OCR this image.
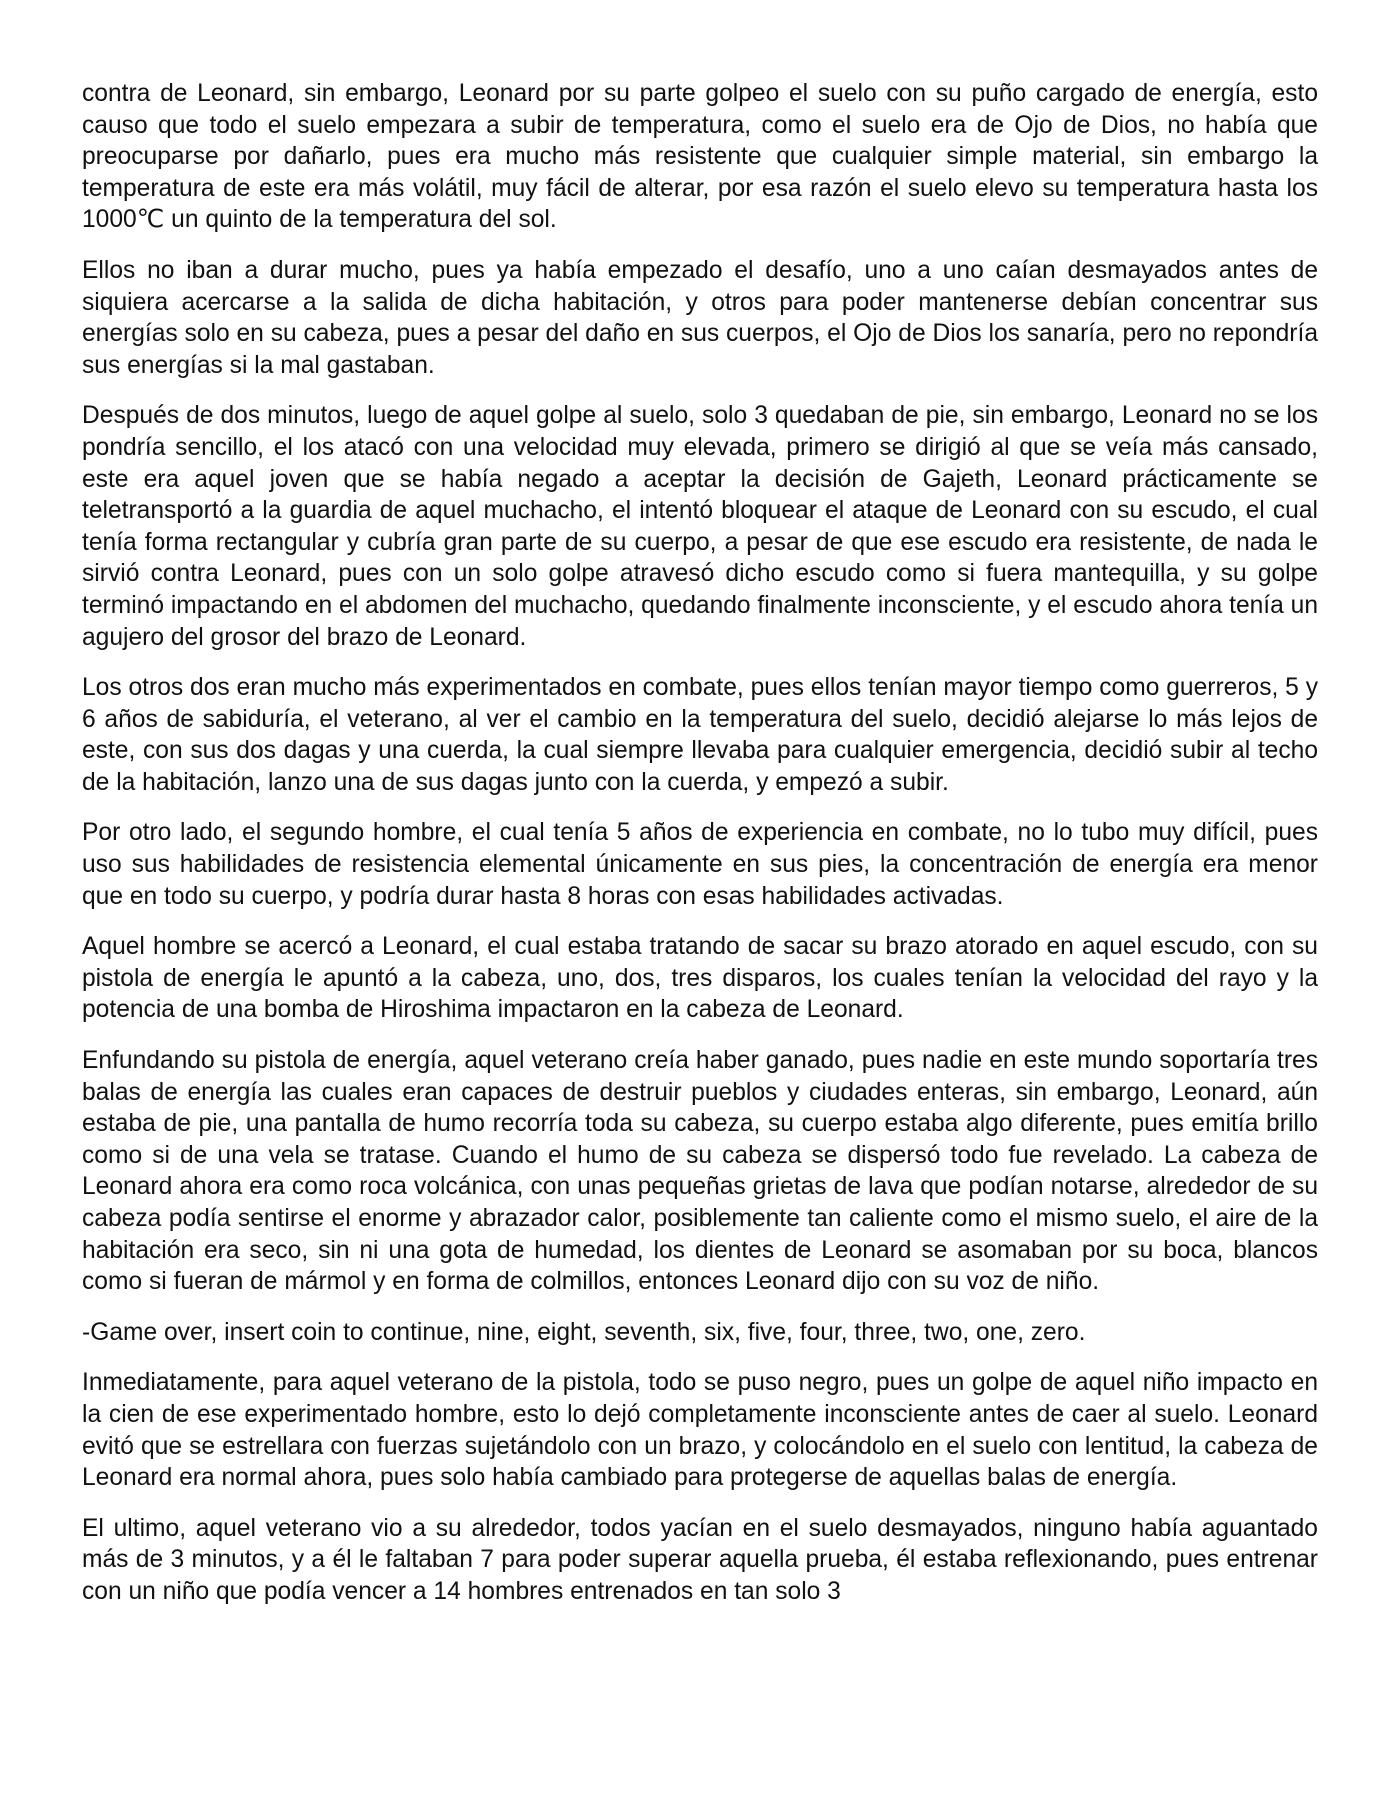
contra de Leonard, sin embargo, Leonard por su parte golpeo el suelo con su puño cargado de energía, esto causo que todo el suelo empezara a subir de temperatura, como el suelo era de Ojo de Dios, no había que preocuparse por dañarlo, pues era mucho más resistente que cualquier simple material, sin embargo la temperatura de este era más volátil, muy fácil de alterar, por esa razón el suelo elevo su temperatura hasta los 1000℃ un quinto de la temperatura del sol.

Ellos no iban a durar mucho, pues ya había empezado el desafío, uno a uno caían desmayados antes de siquiera acercarse a la salida de dicha habitación, y otros para poder mantenerse debían concentrar sus energías solo en su cabeza, pues a pesar del daño en sus cuerpos, el Ojo de Dios los sanaría, pero no repondría sus energías si la mal gastaban.

Después de dos minutos, luego de aquel golpe al suelo, solo 3 quedaban de pie, sin embargo, Leonard no se los pondría sencillo, el los atacó con una velocidad muy elevada, primero se dirigió al que se veía más cansado, este era aquel joven que se había negado a aceptar la decisión de Gajeth, Leonard prácticamente se teletransportó a la guardia de aquel muchacho, el intentó bloquear el ataque de Leonard con su escudo, el cual tenía forma rectangular y cubría gran parte de su cuerpo, a pesar de que ese escudo era resistente, de nada le sirvió contra Leonard, pues con un solo golpe atravesó dicho escudo como si fuera mantequilla, y su golpe terminó impactando en el abdomen del muchacho, quedando finalmente inconsciente, y el escudo ahora tenía un agujero del grosor del brazo de Leonard.

Los otros dos eran mucho más experimentados en combate, pues ellos tenían mayor tiempo como guerreros, 5 y 6 años de sabiduría, el veterano, al ver el cambio en la temperatura del suelo, decidió alejarse lo más lejos de este, con sus dos dagas y una cuerda, la cual siempre llevaba para cualquier emergencia, decidió subir al techo de la habitación, lanzo una de sus dagas junto con la cuerda, y empezó a subir.

Por otro lado, el segundo hombre, el cual tenía 5 años de experiencia en combate, no lo tubo muy difícil, pues uso sus habilidades de resistencia elemental únicamente en sus pies, la concentración de energía era menor que en todo su cuerpo, y podría durar hasta 8 horas con esas habilidades activadas.

Aquel hombre se acercó a Leonard, el cual estaba tratando de sacar su brazo atorado en aquel escudo, con su pistola de energía le apuntó a la cabeza, uno, dos, tres disparos, los cuales tenían la velocidad del rayo y la potencia de una bomba de Hiroshima impactaron en la cabeza de Leonard.

Enfundando su pistola de energía, aquel veterano creía haber ganado, pues nadie en este mundo soportaría tres balas de energía las cuales eran capaces de destruir pueblos y ciudades enteras, sin embargo, Leonard, aún estaba de pie, una pantalla de humo recorría toda su cabeza, su cuerpo estaba algo diferente, pues emitía brillo como si de una vela se tratase. Cuando el humo de su cabeza se dispersó todo fue revelado. La cabeza de Leonard ahora era como roca volcánica, con unas pequeñas grietas de lava que podían notarse, alrededor de su cabeza podía sentirse el enorme y abrazador calor, posiblemente tan caliente como el mismo suelo, el aire de la habitación era seco, sin ni una gota de humedad, los dientes de Leonard se asomaban por su boca, blancos como si fueran de mármol y en forma de colmillos, entonces Leonard dijo con su voz de niño.

-Game over, insert coin to continue, nine, eight, seventh, six, five, four, three, two, one, zero.

Inmediatamente, para aquel veterano de la pistola, todo se puso negro, pues un golpe de aquel niño impacto en la cien de ese experimentado hombre, esto lo dejó completamente inconsciente antes de caer al suelo. Leonard evitó que se estrellara con fuerzas sujetándolo con un brazo, y colocándolo en el suelo con lentitud, la cabeza de Leonard era normal ahora, pues solo había cambiado para protegerse de aquellas balas de energía.

El ultimo, aquel veterano vio a su alrededor, todos yacían en el suelo desmayados, ninguno había aguantado más de 3 minutos, y a él le faltaban 7 para poder superar aquella prueba, él estaba reflexionando, pues entrenar con un niño que podía vencer a 14 hombres entrenados en tan solo 3
